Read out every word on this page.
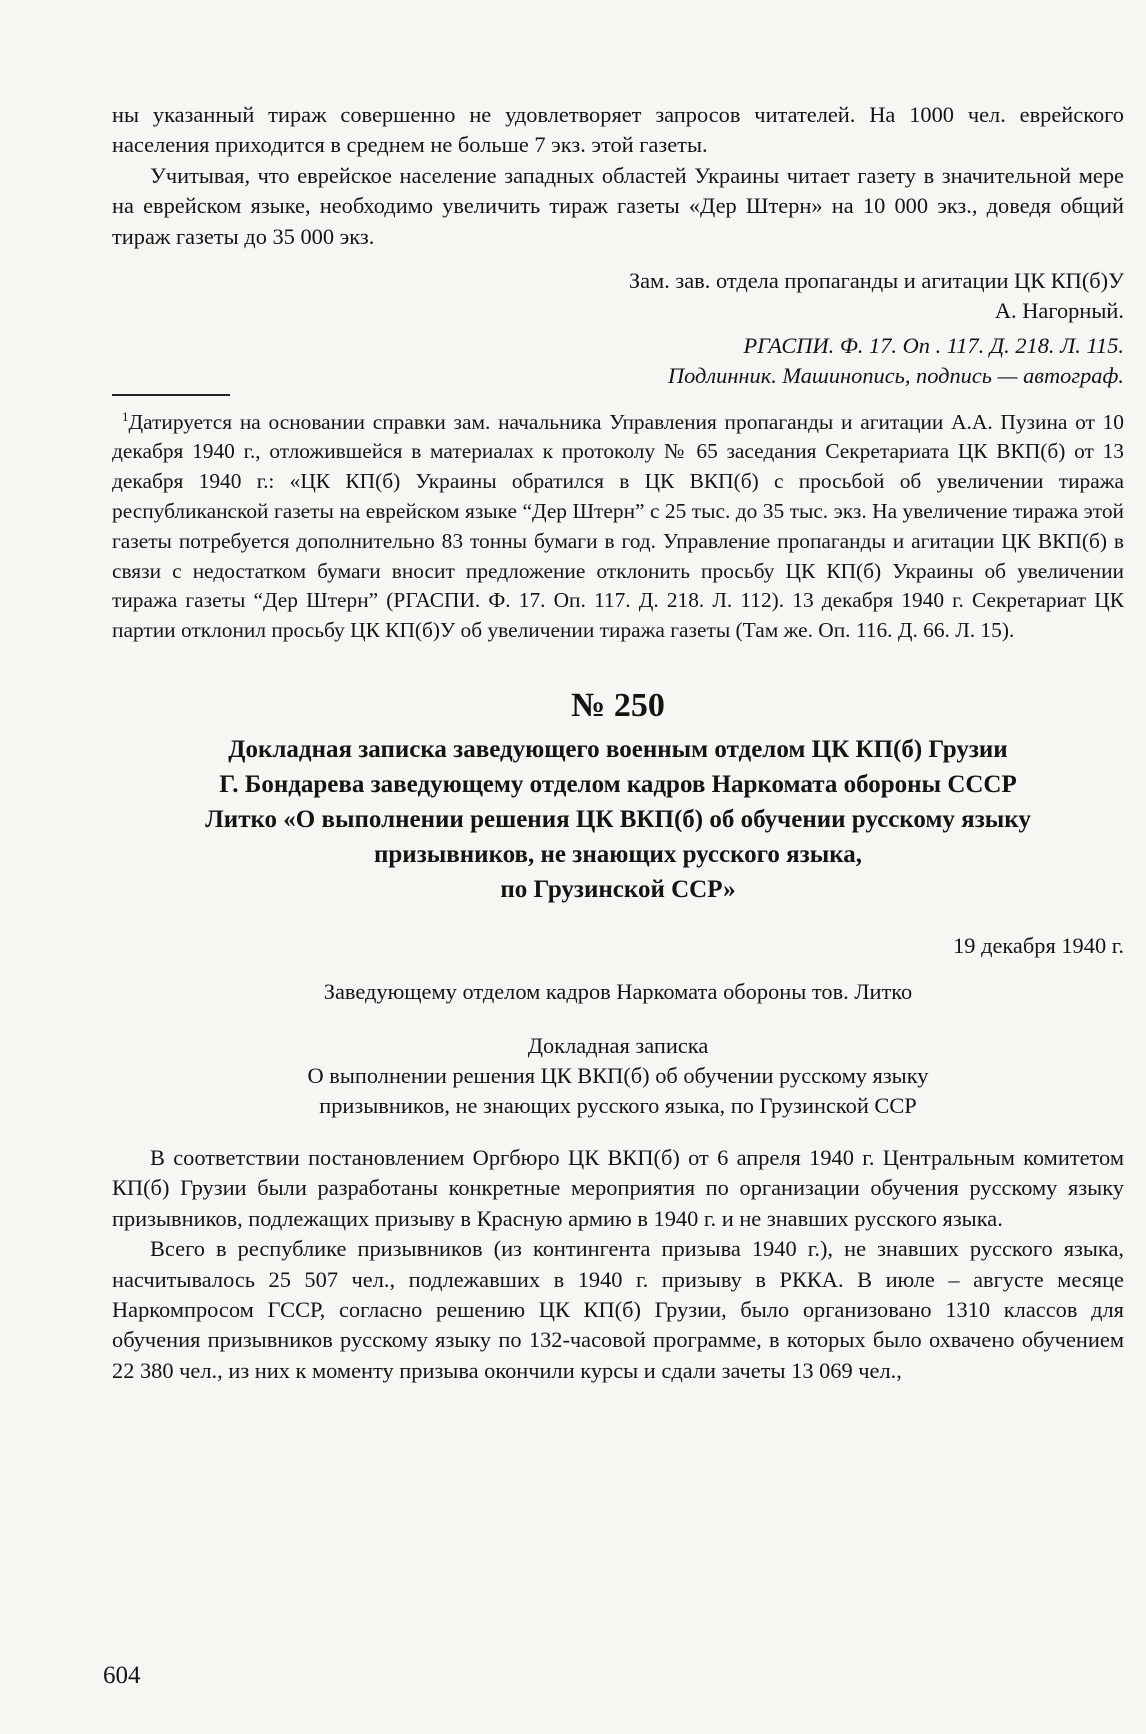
ны указанный тираж совершенно не удовлетворяет запросов читателей. На 1000 чел. еврейского населения приходится в среднем не больше 7 экз. этой газеты.

Учитывая, что еврейское население западных областей Украины читает газету в значительной мере на еврейском языке, необходимо увеличить тираж газеты «Дер Штерн» на 10 000 экз., доведя общий тираж газеты до 35 000 экз.

Зам. зав. отдела пропаганды и агитации ЦК КП(б)У

А. Нагорный.

РГАСПИ. Ф. 17. Оп . 117. Д. 218. Л. 115.

Подлинник. Машинопись, подпись — автограф.

$^1$Датируется на основании справки зам. начальника Управления пропаганды и агитации А.А. Пузина от 10 декабря 1940 г., отложившейся в материалах к протоколу № 65 заседания Секретариата ЦК ВКП(б) от 13 декабря 1940 г.: «ЦК КП(б) Украины обратился в ЦК ВКП(б) с просьбой об увеличении тиража республиканской газеты на еврейском языке “Дер Штерн” с 25 тыс. до 35 тыс. экз. На увеличение тиража этой газеты потребуется дополнительно 83 тонны бумаги в год. Управление пропаганды и агитации ЦК ВКП(б) в связи с недостатком бумаги вносит предложение отклонить просьбу ЦК КП(б) Украины об увеличении тиража газеты “Дер Штерн” (РГАСПИ. Ф. 17. Оп. 117. Д. 218. Л. 112). 13 декабря 1940 г. Секретариат ЦК партии отклонил просьбу ЦК КП(б)У об увеличении тиража газеты (Там же. Оп. 116. Д. 66. Л. 15).

№ 250
Докладная записка заведующего военным отделом ЦК КП(б) Грузии
Г. Бондарева заведующему отделом кадров Наркомата обороны СССР
Литко «О выполнении решения ЦК ВКП(б) об обучении русскому языку
призывников, не знающих русского языка,
по Грузинской ССР»
19 декабря 1940 г.
Заведующему отделом кадров Наркомата обороны тов. Литко
Докладная записка
О выполнении решения ЦК ВКП(б) об обучении русскому языку
призывников, не знающих русского языка, по Грузинской ССР

В соответствии постановлением Оргбюро ЦК ВКП(б) от 6 апреля 1940 г. Центральным комитетом КП(б) Грузии были разработаны конкретные мероприятия по организации обучения русскому языку призывников, подлежащих призыву в Красную армию в 1940 г. и не знавших русского языка.

Всего в республике призывников (из контингента призыва 1940 г.), не знавших русского языка, насчитывалось 25 507 чел., подлежавших в 1940 г. призыву в РККА. В июле – августе месяце Наркомпросом ГССР, согласно решению ЦК КП(б) Грузии, было организовано 1310 классов для обучения призывников русскому языку по 132-часовой программе, в которых было охвачено обучением 22 380 чел., из них к моменту призыва окончили курсы и сдали зачеты 13 069 чел.,

604
